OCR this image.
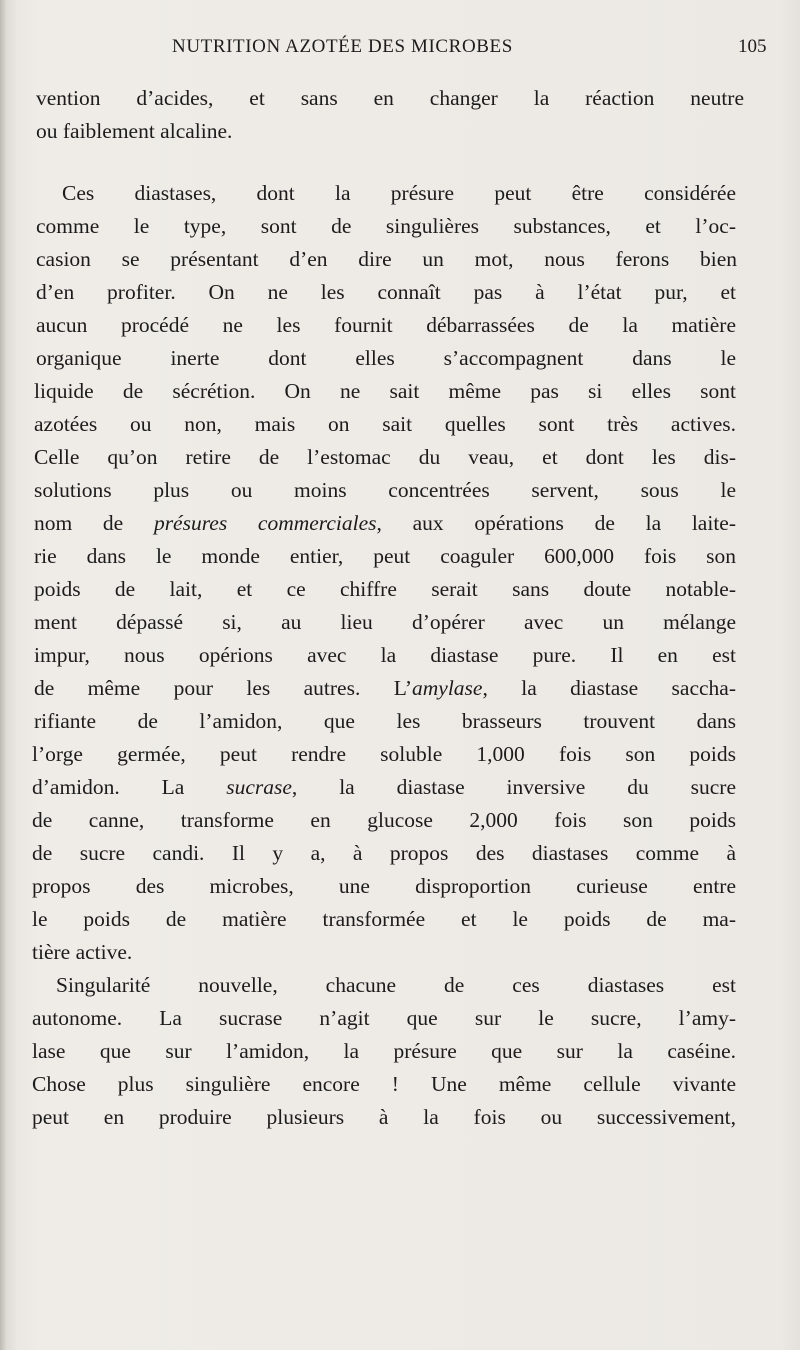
NUTRITION AZOTÉE DES MICROBES	105
vention d’acides, et sans en changer la réaction neutre
ou faiblement alcaline.
Ces diastases, dont la présure peut être considérée
comme le type, sont de singulières substances, et l’oc-
casion se présentant d’en dire un mot, nous ferons bien
d’en profiter. On ne les connaît pas à l’état pur, et
aucun procédé ne les fournit débarrassées de la matière
organique inerte dont elles s’accompagnent dans le
liquide de sécrétion. On ne sait même pas si elles sont
azotées ou non, mais on sait quelles sont très actives.
Celle qu’on retire de l’estomac du veau, et dont les dis-
solutions plus ou moins concentrées servent, sous le
nom de présures commerciales, aux opérations de la laite-
rie dans le monde entier, peut coaguler 600,000 fois son
poids de lait, et ce chiffre serait sans doute notable-
ment dépassé si, au lieu d’opérer avec un mélange
impur, nous opérions avec la diastase pure. Il en est
de même pour les autres. L’amylase, la diastase saccha-
rifiante de l’amidon, que les brasseurs trouvent dans
l’orge germée, peut rendre soluble 1,000 fois son poids
d’amidon. La sucrase, la diastase inversive du sucre
de canne, transforme en glucose 2,000 fois son poids
de sucre candi. Il y a, à propos des diastases comme à
propos des microbes, une disproportion curieuse entre
le poids de matière transformée et le poids de ma-
tière active.
Singularité nouvelle, chacune de ces diastases est
autonome. La sucrase n’agit que sur le sucre, l’amy-
lase que sur l’amidon, la présure que sur la caséine.
Chose plus singulière encore ! Une même cellule vivante
peut en produire plusieurs à la fois ou successivement,
